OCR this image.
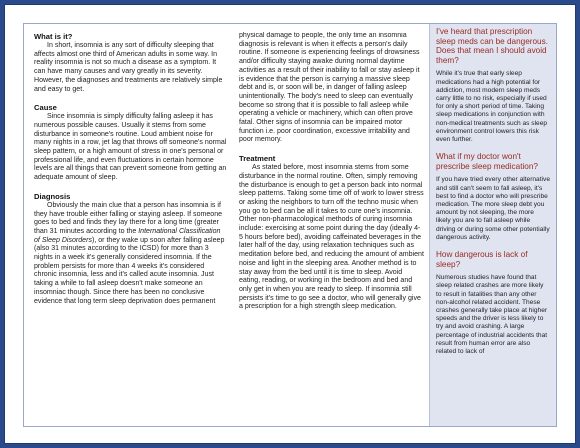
What is it?

In short, insomnia is any sort of difficulty sleeping that affects almost one third of American adults in some way. In reality insomnia is not so much a disease as a symptom. It can have many causes and vary greatly in its severity. However, the diagnoses and treatments are relatively simple and easy to get.

Cause

Since insomnia is simply difficulty falling asleep it has numerous possible causes. Usually it stems from some disturbance in someone's routine. Loud ambient noise for many nights in a row, jet lag that throws off someone's normal sleep pattern, or a high amount of stress in one's personal or professional life, and even fluctuations in certain hormone levels are all things that can prevent someone from getting an adequate amount of sleep.

Diagnosis

Obviously the main clue that a person has insomnia is if they have trouble either falling or staying asleep. If someone goes to bed and finds they lay there for a long time (greater than 31 minutes according to the International Classification of Sleep Disorders), or they wake up soon after falling asleep (also 31 minutes according to the ICSD) for more than 3 nights in a week it's generally considered insomnia. If the problem persists for more than 4 weeks it's considered chronic insomnia, less and it's called acute insomnia. Just taking a while to fall asleep doesn't make someone an insomniac though. Since there has been no conclusive evidence that long term sleep deprivation does permanent

physical damage to people, the only time an insomnia diagnosis is relevant is when it effects a person's daily routine. If someone is experiencing feelings of drowsiness and/or difficulty staying awake during normal daytime activities as a result of their inability to fall or stay asleep it is evidence that the person is carrying a massive sleep debt and is, or soon will be, in danger of falling asleep unintentionally. The body's need to sleep can eventually become so strong that it is possible to fall asleep while operating a vehicle or machinery, which can often prove fatal. Other signs of insomnia can be impaired motor function i.e. poor coordination, excessive irritability and poor memory.

Treatment

As stated before, most insomnia stems from some disturbance in the normal routine. Often, simply removing the disturbance is enough to get a person back into normal sleep patterns. Taking some time off of work to lower stress or asking the neighbors to turn off the techno music when you go to bed can be all it takes to cure one's insomnia. Other non-pharmacological methods of curing insomnia include: exercising at some point during the day (ideally 4-5 hours before bed), avoiding caffeinated beverages in the later half of the day, using relaxation techniques such as meditation before bed, and reducing the amount of ambient noise and light in the sleeping area. Another method is to stay away from the bed until it is time to sleep. Avoid eating, reading, or working in the bedroom and bed and only get in when you are ready to sleep. If insomnia still persists it's time to go see a doctor, who will generally give a prescription for a high strength sleep medication.

I've heard that prescription sleep meds can be dangerous. Does that mean I should avoid them?

While it's true that early sleep medications had a high potential for addiction, most modern sleep meds carry little to no risk, especially if used for only a short period of time. Taking sleep medications in conjunction with non-medical treatments such as sleep environment control lowers this risk even further.

What if my doctor won't prescribe sleep medication?

If you have tried every other alternative and still can't seem to fall asleep, it's best to find a doctor who will prescribe medication. The more sleep debt you amount by not sleeping, the more likely you are to fall asleep while driving or during some other potentially dangerous activity.

How dangerous is lack of sleep?

Numerous studies have found that sleep related crashes are more likely to result in fatalities than any other non-alcohol related accident. These crashes generally take place at higher speeds and the driver is less likely to try and avoid crashing. A large percentage of industrial accidents that result from human error are also related to lack of
